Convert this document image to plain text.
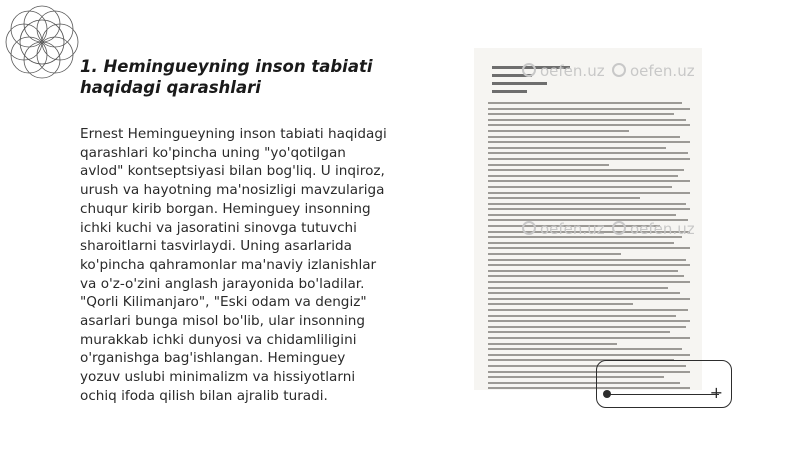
1. Hemingueyning inson tabiati
haqidagi qarashlari

Ernest Hemingueyning inson tabiati haqidagi
qarashlari ko'pincha uning "yo'qotilgan
avlod" kontseptsiyasi bilan bog'liq. U inqiroz,
urush va hayotning ma'nosizligi mavzulariga
chuqur kirib borgan. Heminguey insonning
ichki kuchi va jasoratini sinovga tutuvchi
sharoitlarni tasvirlaydi. Uning asarlarida
ko'pincha qahramonlar ma'naviy izlanishlar
va o'z-o'zini anglash jarayonida bo'ladilar.
"Qorli Kilimanjaro", "Eski odam va dengiz"
asarlari bunga misol bo'lib, ular insonning
murakkab ichki dunyosi va chidamliligini
o'rganishga bag'ishlangan. Heminguey
yozuv uslubi minimalizm va hissiyotlarni
ochiq ifoda qilish bilan ajralib turadi.

oefen.uz	oefen.uz
oefen.uz	oefen.uz
+
